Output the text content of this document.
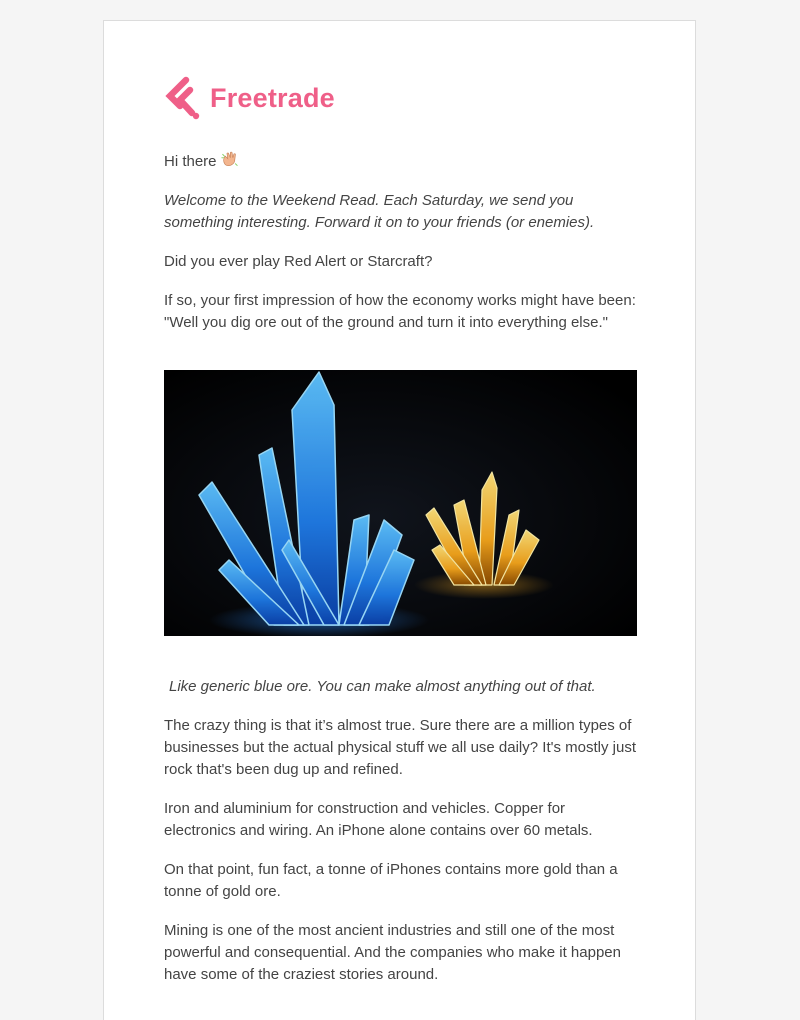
Freetrade

Hi there

Welcome to the Weekend Read. Each Saturday, we send you something interesting. Forward it on to your friends (or enemies).

Did you ever play Red Alert or Starcraft?

If so, your first impression of how the economy works might have been: "Well you dig ore out of the ground and turn it into everything else."

Like generic blue ore. You can make almost anything out of that.

The crazy thing is that it’s almost true. Sure there are a million types of businesses but the actual physical stuff we all use daily? It's mostly just rock that's been dug up and refined.

Iron and aluminium for construction and vehicles. Copper for electronics and wiring. An iPhone alone contains over 60 metals.

On that point, fun fact, a tonne of iPhones contains more gold than a tonne of gold ore.

Mining is one of the most ancient industries and still one of the most powerful and consequential. And the companies who make it happen have some of the craziest stories around.
